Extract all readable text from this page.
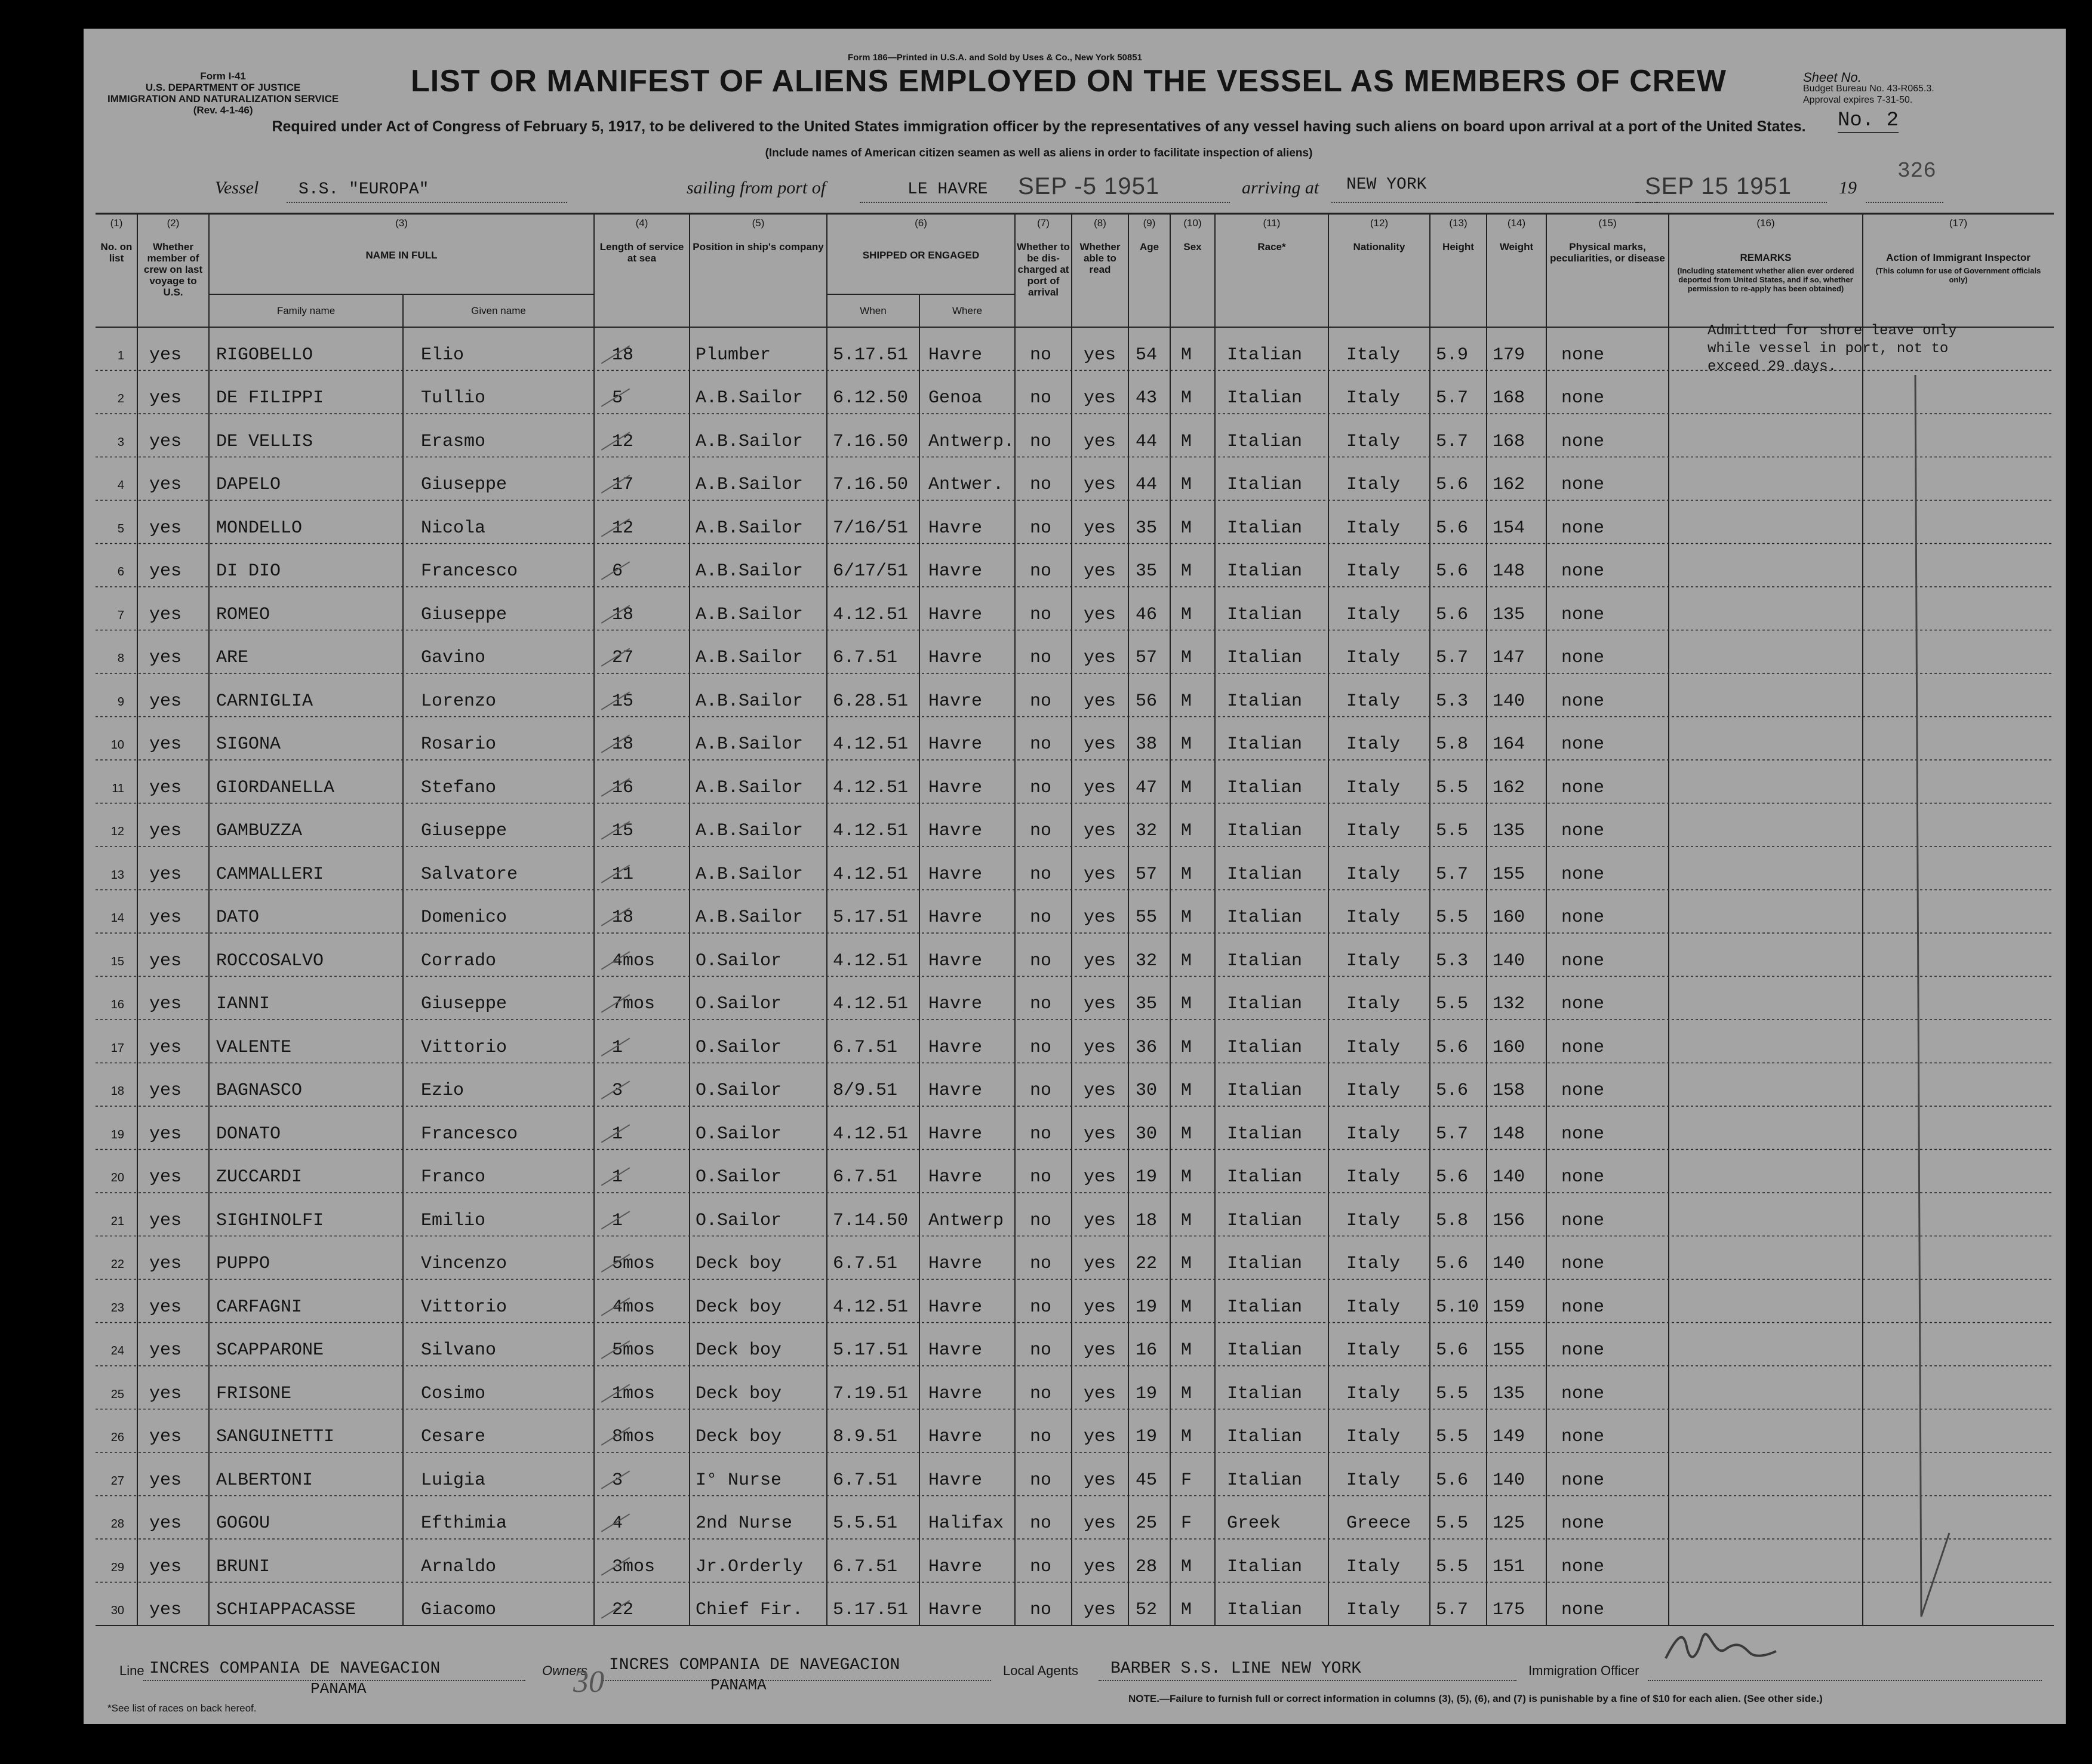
Form I-41
U.S. DEPARTMENT OF JUSTICE
IMMIGRATION AND NATURALIZATION SERVICE
(Rev. 4-1-46)
Form 186—Printed in U.S.A. and Sold by Uses & Co., New York 50851
LIST OR MANIFEST OF ALIENS EMPLOYED ON THE VESSEL AS MEMBERS OF CREW
Required under Act of Congress of February 5, 1917, to be delivered to the United States immigration officer by the representatives of any vessel having such aliens on board upon arrival at a port of the United States.
(Include names of American citizen seamen as well as aliens in order to facilitate inspection of aliens)
Sheet No.
Budget Bureau No. 43-R065.3.
Approval expires 7-31-50.
No. 2
326
Vessel S.S. "EUROPA"	sailing from port of	LE HAVRE SEP -5 1951	arriving at NEW YORK	SEP 15 1951	19
(1)
No. on list
(2)
Whether member of crew on last voyage to U.S.
(3)
NAME IN FULL
Family name	Given name
(4)
Length of service at sea
(5)
Position in ship's company
(6)
SHIPPED OR ENGAGED
When	Where
(7)
Whether to be dis-charged at port of arrival
(8)
Whether able to read
(9)
Age
(10)
Sex
(11)
Race*
(12)
Nationality
(13)
Height
(14)
Weight
(15)
Physical marks, peculiarities, or disease
(16)
REMARKS
(Including statement whether alien ever ordered deported from United States, and if so, whether permission to re-apply has been obtained)
(17)
Action of Immigrant Inspector
(This column for use of Government officials only)
1 yes RIGOBELLO	Elio	18	Plumber	5.17.51 Havre	no yes 54 M Italian Italy 5.9 179 none
2 yes DE FILIPPI	Tullio	5	A.B.Sailor 6.12.50 Genoa	no yes 43 M Italian Italy 5.7 168 none
3 yes DE VELLIS	Erasmo	12	A.B.Sailor 7.16.50 Antwerp. no yes 44 M Italian Italy 5.7 168 none
4 yes DAPELO	Giuseppe	17	A.B.Sailor 7.16.50 Antwer. no yes 44 M Italian Italy 5.6 162 none
5 yes MONDELLO	Nicola	12	A.B.Sailor 7/16/51 Havre	no yes 35 M Italian Italy 5.6 154 none
6 yes DI DIO	Francesco	6	A.B.Sailor 6/17/51 Havre	no yes 35 M Italian Italy 5.6 148 none
7 yes ROMEO	Giuseppe	18	A.B.Sailor 4.12.51 Havre	no yes 46 M Italian Italy 5.6 135 none
8 yes ARE	Gavino	27	A.B.Sailor 6.7.51 Havre	no yes 57 M Italian Italy 5.7 147 none
9 yes CARNIGLIA	Lorenzo	15	A.B.Sailor 6.28.51 Havre	no yes 56 M Italian Italy 5.3 140 none
10 yes SIGONA	Rosario	18	A.B.Sailor 4.12.51 Havre	no yes 38 M Italian Italy 5.8 164 none
11 yes GIORDANELLA	Stefano	16	A.B.Sailor 4.12.51 Havre	no yes 47 M Italian Italy 5.5 162 none
12 yes GAMBUZZA	Giuseppe	15	A.B.Sailor 4.12.51 Havre	no yes 32 M Italian Italy 5.5 135 none
13 yes CAMMALLERI	Salvatore	11	A.B.Sailor 4.12.51 Havre	no yes 57 M Italian Italy 5.7 155 none
14 yes DATO	Domenico	18	A.B.Sailor 5.17.51 Havre	no yes 55 M Italian Italy 5.5 160 none
15 yes ROCCOSALVO	Corrado	4mos O.Sailor	4.12.51 Havre	no yes 32 M Italian Italy 5.3 140 none
16 yes IANNI	Giuseppe	7mos O.Sailor	4.12.51 Havre	no yes 35 M Italian Italy 5.5 132 none
17 yes VALENTE	Vittorio	1	O.Sailor	6.7.51 Havre	no yes 36 M Italian Italy 5.6 160 none
18 yes BAGNASCO	Ezio	3	O.Sailor	8/9.51 Havre	no yes 30 M Italian Italy 5.6 158 none
19 yes DONATO	Francesco	1	O.Sailor	4.12.51 Havre	no yes 30 M Italian Italy 5.7 148 none
20 yes ZUCCARDI	Franco	1	O.Sailor	6.7.51 Havre	no yes 19 M Italian Italy 5.6 140 none
21 yes SIGHINOLFI	Emilio	1	O.Sailor	7.14.50 Antwerp no yes 18 M Italian Italy 5.8 156 none
22 yes PUPPO	Vincenzo	5mos Deck boy	6.7.51 Havre	no yes 22 M Italian Italy 5.6 140 none
23 yes CARFAGNI	Vittorio	4mos Deck boy	4.12.51 Havre	no yes 19 M Italian Italy 5.10 159 none
24 yes SCAPPARONE	Silvano	5mos Deck boy	5.17.51 Havre	no yes 16 M Italian Italy 5.6 155 none
25 yes FRISONE	Cosimo	1mos Deck boy	7.19.51 Havre	no yes 19 M Italian Italy 5.5 135 none
26 yes SANGUINETTI	Cesare	8mos Deck boy	8.9.51 Havre	no yes 19 M Italian Italy 5.5 149 none
27 yes ALBERTONI	Luigia	3	I° Nurse	6.7.51 Havre	no yes 45 F Italian Italy 5.6 140 none
28 yes GOGOU	Efthimia	4	2nd Nurse 5.5.51 Halifax no yes 25 F Greek	Greece 5.5 125 none
29 yes BRUNI	Arnaldo	3mos Jr.Orderly 6.7.51 Havre	no yes 28 M Italian Italy 5.5 151 none
30 yes SCHIAPPACASSE	Giacomo	22	Chief Fir. 5.17.51 Havre	no yes 52 M Italian Italy 5.7 175 none
Admitted for shore leave only
while vessel in port, not to
exceed 29 days.
Line INCRES COMPANIA DE NAVEGACION
PANAMA
Owners INCRES COMPANIA DE NAVEGACION
PANAMA
Local Agents BARBER S.S. LINE NEW YORK	Immigration Officer
*See list of races on back hereof.
NOTE.—Failure to furnish full or correct information in columns (3), (5), (6), and (7) is punishable by a fine of $10 for each alien. (See other side.)
30
